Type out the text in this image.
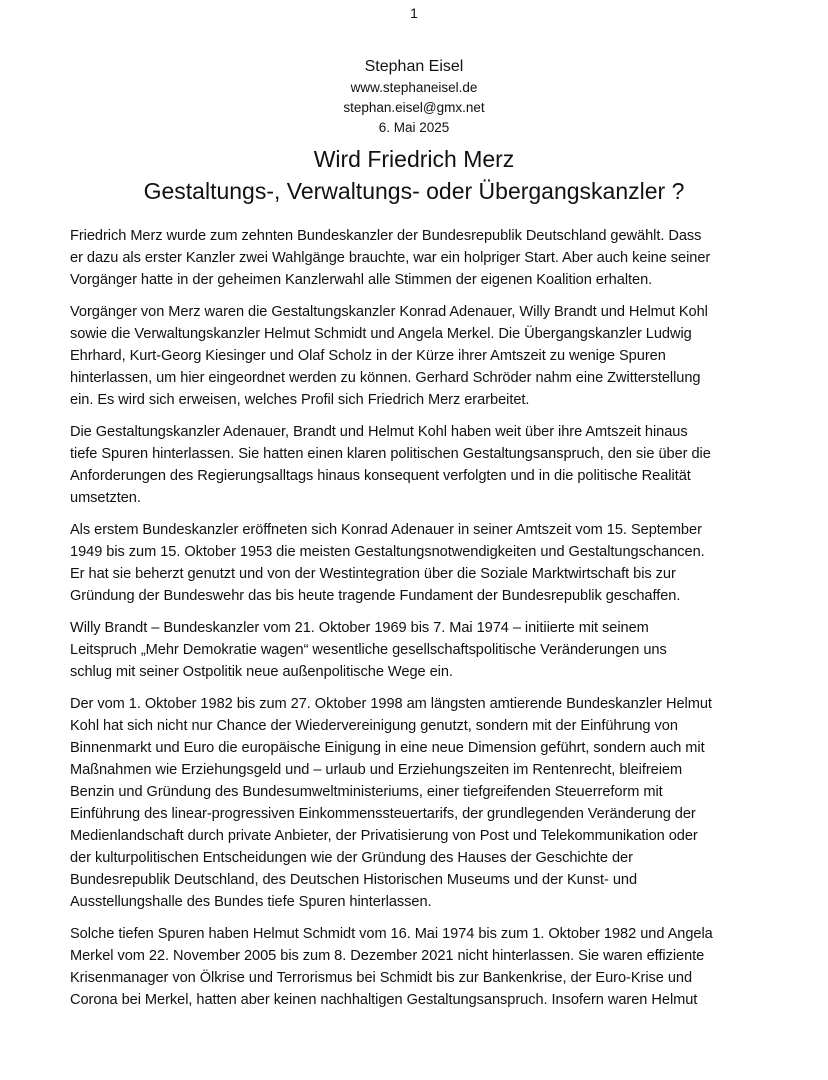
1

Stephan Eisel

www.stephaneisel.de

stephan.eisel@gmx.net

6. Mai 2025

Wird Friedrich Merz
Gestaltungs-, Verwaltungs- oder Übergangskanzler ?

Friedrich Merz wurde zum zehnten Bundeskanzler der Bundesrepublik Deutschland gewählt. Dass
er dazu als erster Kanzler zwei Wahlgänge brauchte, war ein holpriger Start. Aber auch keine seiner
Vorgänger hatte in der geheimen Kanzlerwahl alle Stimmen der eigenen Koalition erhalten.

Vorgänger von Merz waren die Gestaltungskanzler Konrad Adenauer, Willy Brandt und Helmut Kohl
sowie die Verwaltungskanzler Helmut Schmidt und Angela Merkel. Die Übergangskanzler Ludwig
Ehrhard, Kurt-Georg Kiesinger und Olaf Scholz in der Kürze ihrer Amtszeit zu wenige Spuren
hinterlassen, um hier eingeordnet werden zu können. Gerhard Schröder nahm eine Zwitterstellung
ein. Es wird sich erweisen, welches Profil sich Friedrich Merz erarbeitet.

Die Gestaltungskanzler Adenauer, Brandt und Helmut Kohl haben weit über ihre Amtszeit hinaus
tiefe Spuren hinterlassen. Sie hatten einen klaren politischen Gestaltungsanspruch, den sie über die
Anforderungen des Regierungsalltags hinaus konsequent verfolgten und in die politische Realität
umsetzten.

Als erstem Bundeskanzler eröffneten sich Konrad Adenauer in seiner Amtszeit vom 15. September
1949 bis zum 15. Oktober 1953 die meisten Gestaltungsnotwendigkeiten und Gestaltungschancen.
Er hat sie beherzt genutzt und von der Westintegration über die Soziale Marktwirtschaft bis zur
Gründung der Bundeswehr das bis heute tragende Fundament der Bundesrepublik geschaffen.

Willy Brandt – Bundeskanzler vom 21. Oktober 1969 bis 7. Mai 1974 – initiierte mit seinem
Leitspruch „Mehr Demokratie wagen“ wesentliche gesellschaftspolitische Veränderungen uns
schlug mit seiner Ostpolitik neue außenpolitische Wege ein.

Der vom 1. Oktober 1982 bis zum 27. Oktober 1998 am längsten amtierende Bundeskanzler Helmut
Kohl hat sich nicht nur Chance der Wiedervereinigung genutzt, sondern mit der Einführung von
Binnenmarkt und Euro die europäische Einigung in eine neue Dimension geführt, sondern auch mit
Maßnahmen wie Erziehungsgeld und – urlaub und Erziehungszeiten im Rentenrecht, bleifreiem
Benzin und Gründung des Bundesumweltministeriums, einer tiefgreifenden Steuerreform mit
Einführung des linear-progressiven Einkommenssteuertarifs, der grundlegenden Veränderung der
Medienlandschaft durch private Anbieter, der Privatisierung von Post und Telekommunikation oder
der kulturpolitischen Entscheidungen wie der Gründung des Hauses der Geschichte der
Bundesrepublik Deutschland, des Deutschen Historischen Museums und der Kunst- und
Ausstellungshalle des Bundes tiefe Spuren hinterlassen.

Solche tiefen Spuren haben Helmut Schmidt vom 16. Mai 1974 bis zum 1. Oktober 1982 und Angela
Merkel vom 22. November 2005 bis zum 8. Dezember 2021 nicht hinterlassen. Sie waren effiziente
Krisenmanager von Ölkrise und Terrorismus bei Schmidt bis zur Bankenkrise, der Euro-Krise und
Corona bei Merkel, hatten aber keinen nachhaltigen Gestaltungsanspruch. Insofern waren Helmut
